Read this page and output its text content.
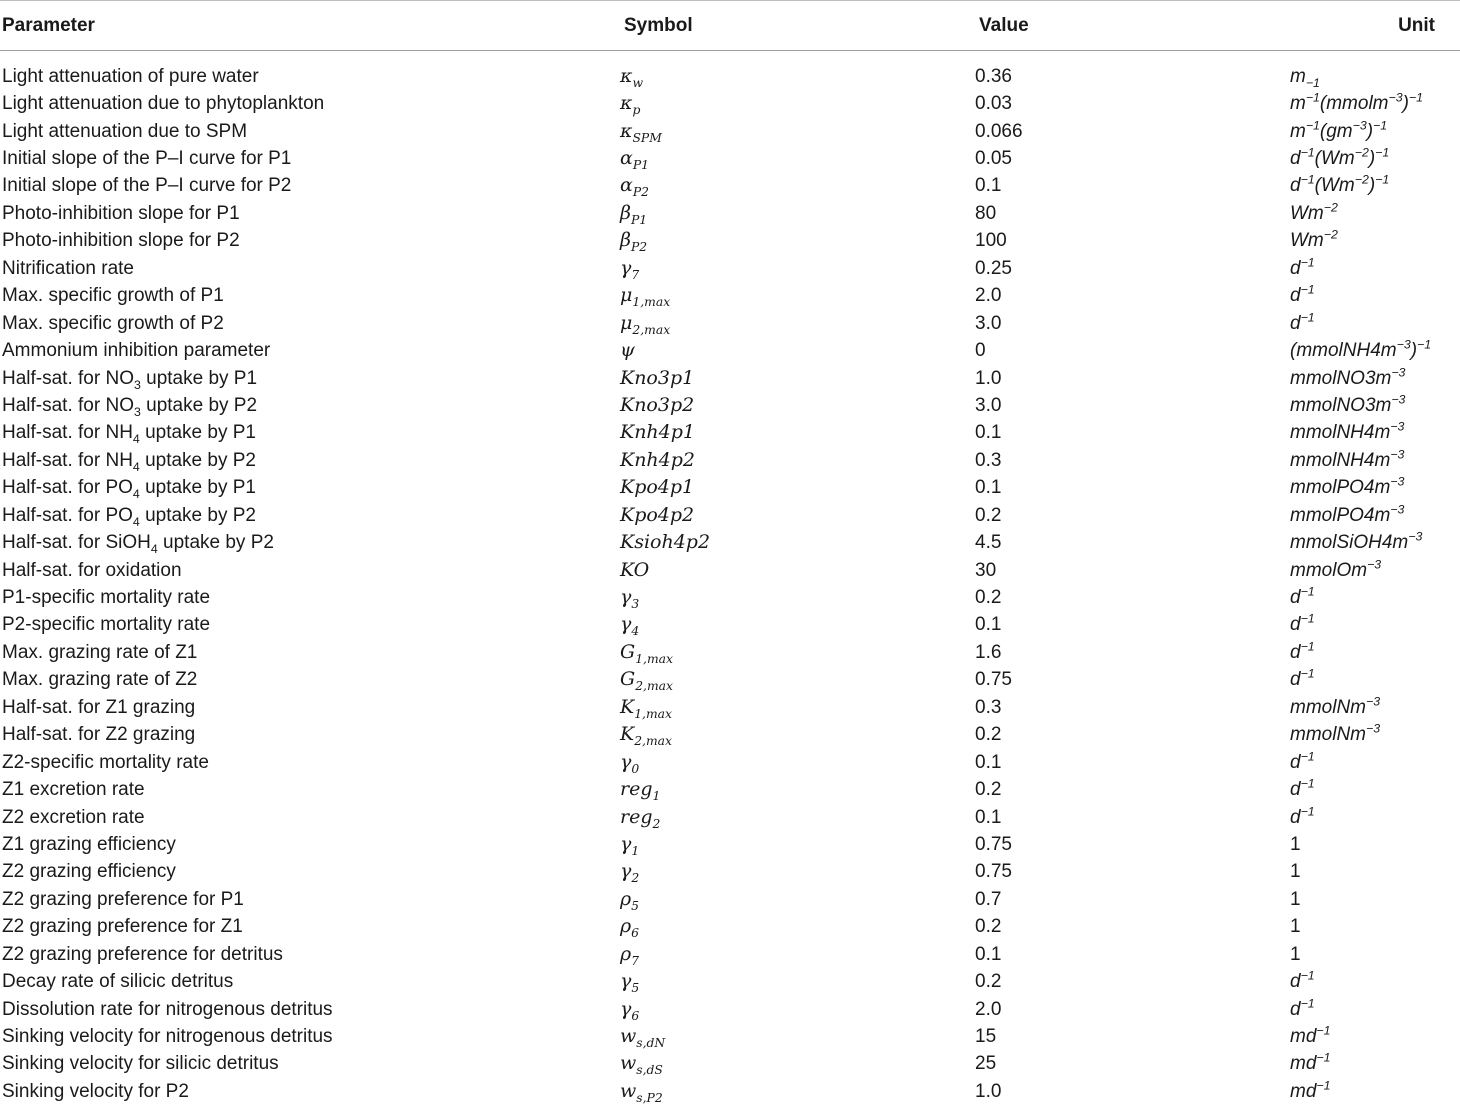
Parameter	Symbol	Value	Unit

Light attenuation of pure water	$\kappa_w$	0.36	$m_{-1}$
Light attenuation due to phytoplankton	$\kappa_p$	0.03	$m^{-1}(mmolm^{-3})^{-1}$
Light attenuation due to SPM	$\kappa_{SPM}$	0.066	$m^{-1}(gm^{-3})^{-1}$
Initial slope of the P–I curve for P1	$\alpha_{P1}$	0.05	$d^{-1}(Wm^{-2})^{-1}$
Initial slope of the P–I curve for P2	$\alpha_{P2}$	0.1	$d^{-1}(Wm^{-2})^{-1}$
Photo-inhibition slope for P1	$\beta_{P1}$	80	$Wm^{-2}$
Photo-inhibition slope for P2	$\beta_{P2}$	100	$Wm^{-2}$
Nitrification rate	$\gamma_7$	0.25	$d^{-1}$
Max. specific growth of P1	$\mu_{1,max}$	2.0	$d^{-1}$
Max. specific growth of P2	$\mu_{2,max}$	3.0	$d^{-1}$
Ammonium inhibition parameter	ψ	0	$(mmolNH4m^{-3})^{-1}$
Half-sat. for $NO_3$ uptake by P1	Kno3p1	1.0	$mmolNO3m^{-3}$
Half-sat. for $NO_3$ uptake by P2	Kno3p2	3.0	$mmolNO3m^{-3}$
Half-sat. for $NH_4$ uptake by P1	Knh4p1	0.1	$mmolNH4m^{-3}$
Half-sat. for $NH_4$ uptake by P2	Knh4p2	0.3	$mmolNH4m^{-3}$
Half-sat. for $PO_4$ uptake by P1	Kpo4p1	0.1	$mmolPO4m^{-3}$
Half-sat. for $PO_4$ uptake by P2	Kpo4p2	0.2	$mmolPO4m^{-3}$
Half-sat. for SiOH$_4$ uptake by P2	Ksioh4p2	4.5	$mmolSiOH4m^{-3}$
Half-sat. for oxidation	KO	30	mmolOm$^{-3}$
P1-specific mortality rate	$\gamma_3$	0.2	$d^{-1}$
P2-specific mortality rate	$\gamma_4$	0.1	$d^{-1}$
Max. grazing rate of Z1	$G_{1,max}$	1.6	$d^{-1}$
Max. grazing rate of Z2	$G_{2,max}$	0.75	$d^{-1}$
Half-sat. for Z1 grazing	$K_{1,max}$	0.3	mmolNm$^{-3}$
Half-sat. for Z2 grazing	$K_{2,max}$	0.2	mmolNm$^{-3}$
Z2-specific mortality rate	$\gamma_0$	0.1	$d^{-1}$
Z1 excretion rate	reg$_1$	0.2	$d^{-1}$
Z2 excretion rate	reg$_2$	0.1	$d^{-1}$
Z1 grazing efficiency	$\gamma_1$	0.75	1
Z2 grazing efficiency	$\gamma_2$	0.75	1
Z2 grazing preference for P1	$\rho_5$	0.7	1
Z2 grazing preference for Z1	$\rho_6$	0.2	1
Z2 grazing preference for detritus	$\rho_7$	0.1	1
Decay rate of silicic detritus	$\gamma_5$	0.2	$d^{-1}$
Dissolution rate for nitrogenous detritus	$\gamma_6$	2.0	$d^{-1}$
Sinking velocity for nitrogenous detritus	$w_{s,dN}$	15	$md^{-1}$
Sinking velocity for silicic detritus	$w_{s,dS}$	25	$md^{-1}$
Sinking velocity for P2	$w_{s,P2}$	1.0	$md^{-1}$
